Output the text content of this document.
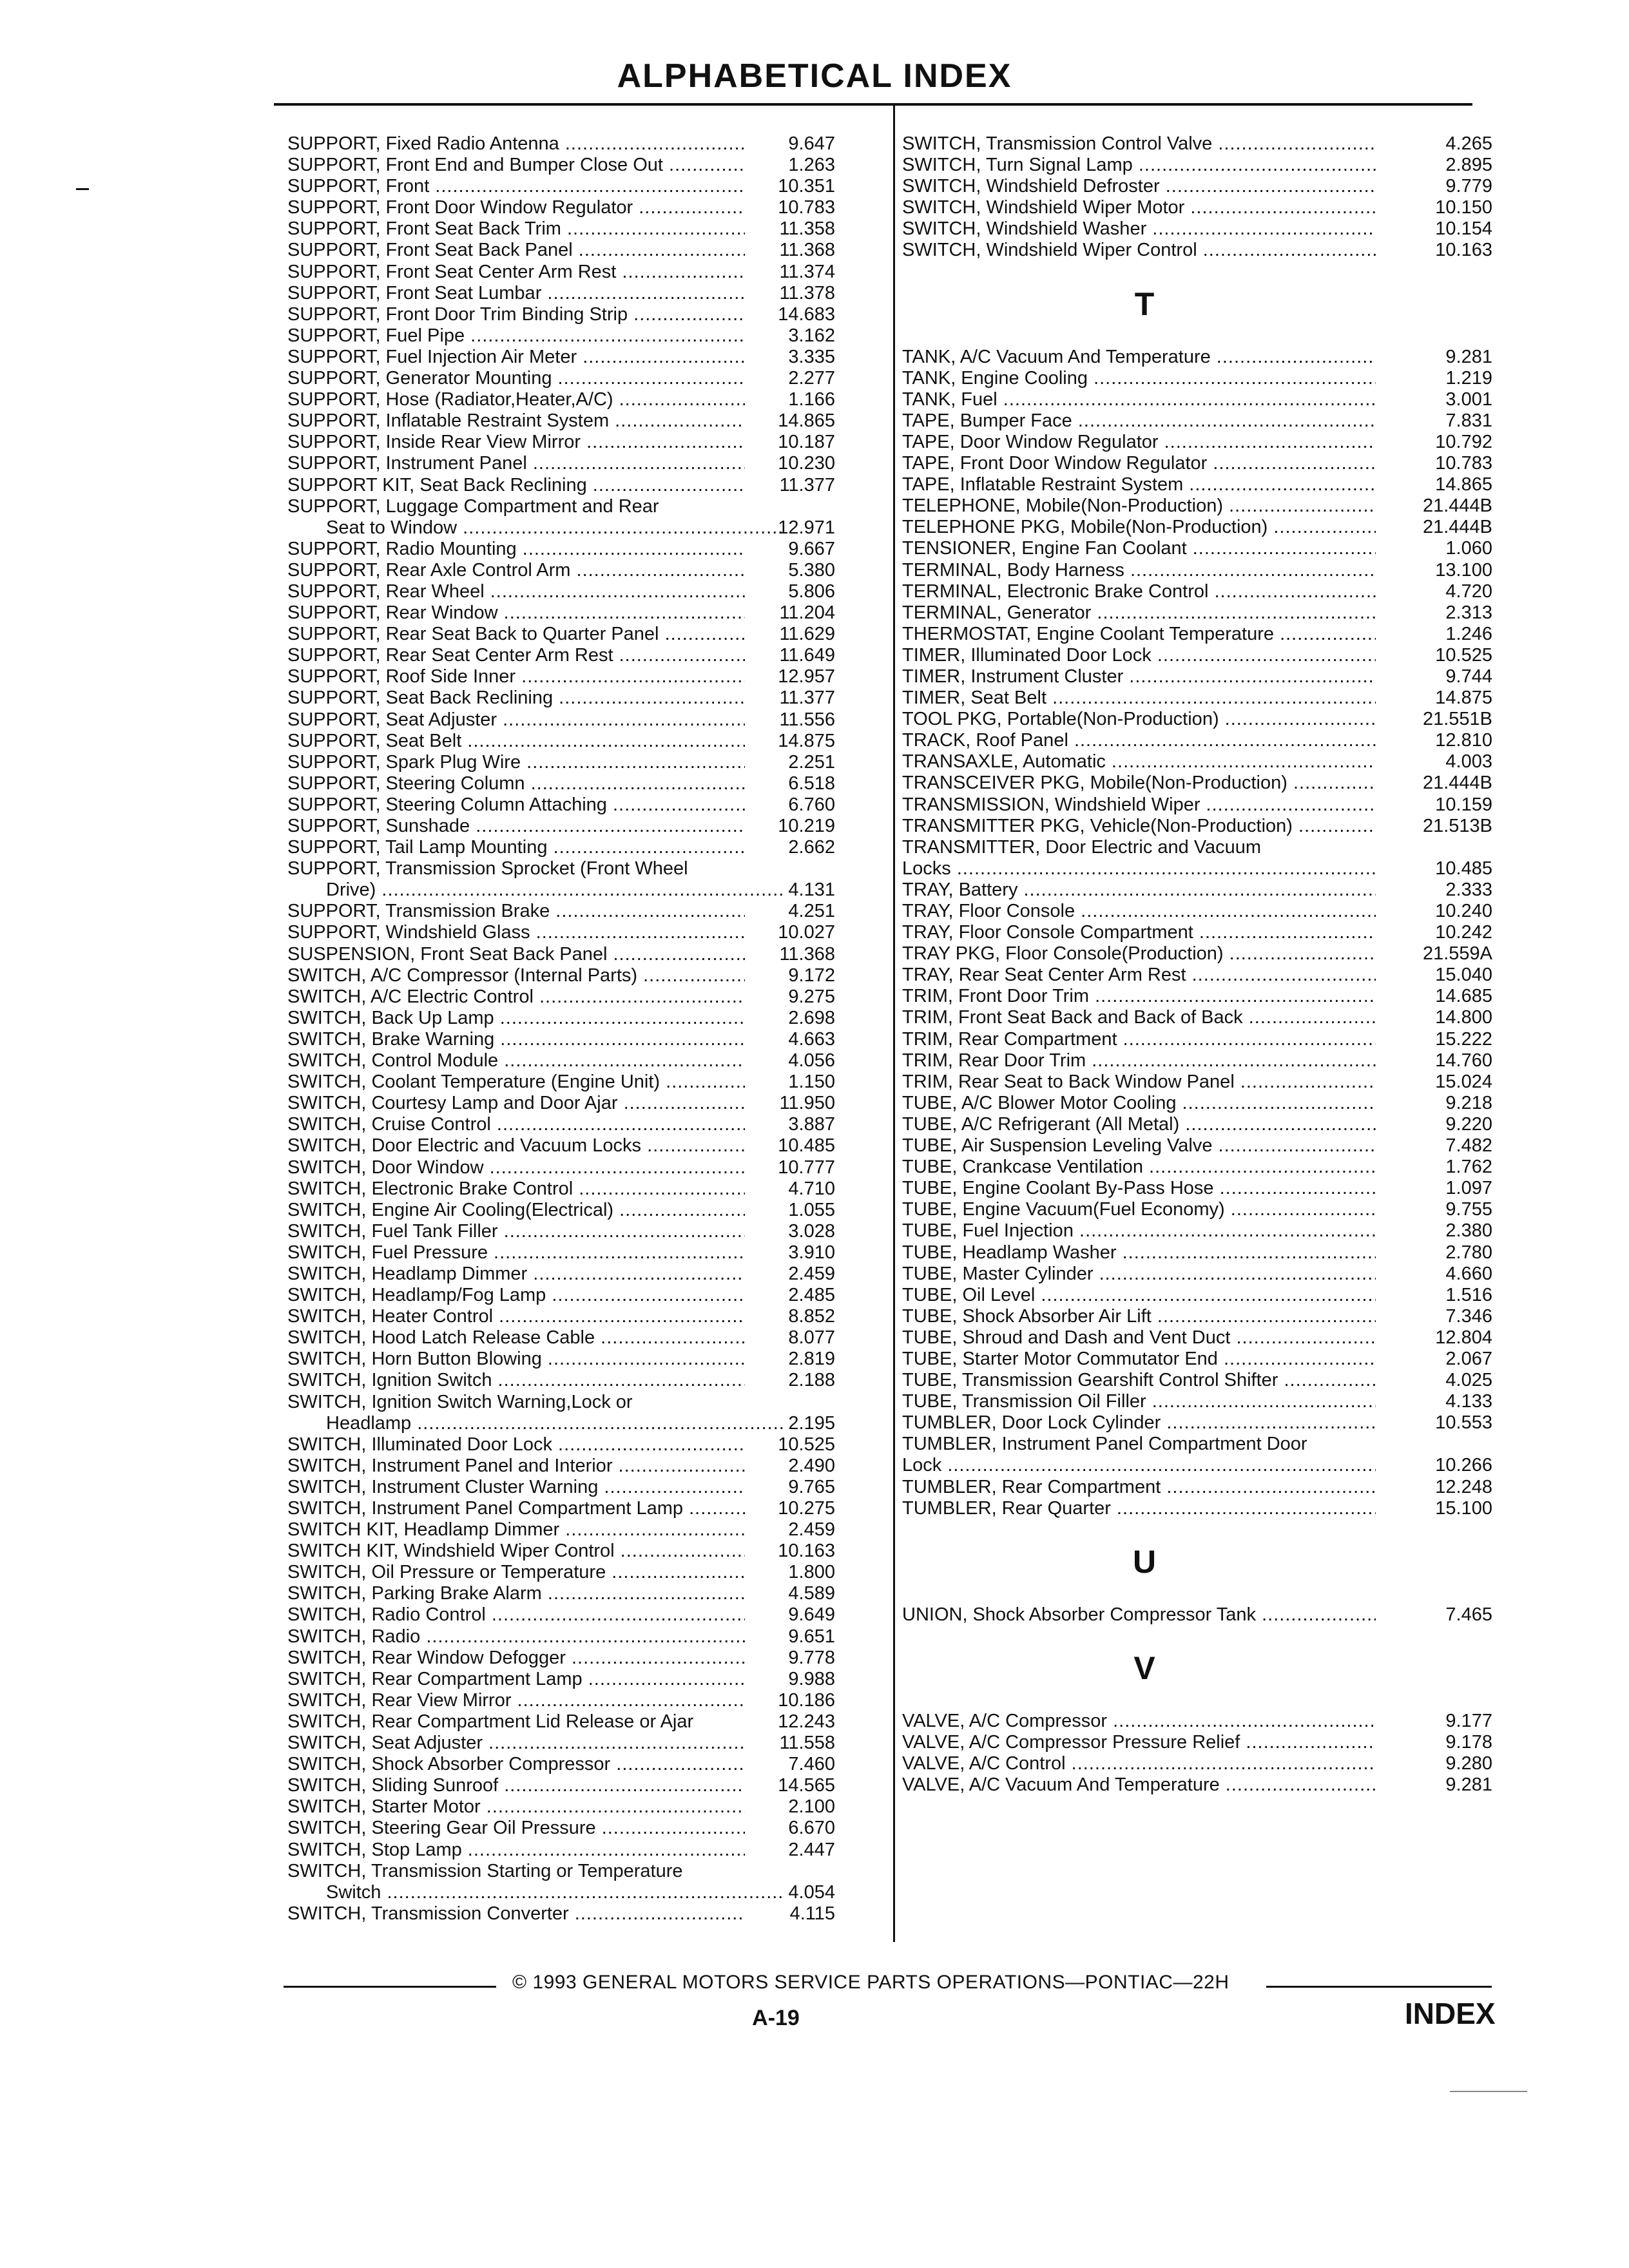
ALPHABETICAL INDEX
SUPPORT, Fixed Radio Antenna .....	9.647
SUPPORT, Front End and Bumper Close Out .....	1.263
SUPPORT, Front .....	10.351
SUPPORT, Front Door Window Regulator .....	10.783
SUPPORT, Front Seat Back Trim .....	11.358
SUPPORT, Front Seat Back Panel .....	11.368
SUPPORT, Front Seat Center Arm Rest .....	11.374
SUPPORT, Front Seat Lumbar .....	11.378
SUPPORT, Front Door Trim Binding Strip .....	14.683
SUPPORT, Fuel Pipe .....	3.162
SUPPORT, Fuel Injection Air Meter .....	3.335
SUPPORT, Generator Mounting .....	2.277
SUPPORT, Hose (Radiator,Heater,A/C) .....	1.166
SUPPORT, Inflatable Restraint System .....	14.865
SUPPORT, Inside Rear View Mirror .....	10.187
SUPPORT, Instrument Panel .....	10.230
SUPPORT KIT, Seat Back Reclining .....	11.377
SUPPORT, Luggage Compartment and Rear
Seat to Window .....	12.971
SUPPORT, Radio Mounting .....	9.667
SUPPORT, Rear Axle Control Arm .....	5.380
SUPPORT, Rear Wheel .....	5.806
SUPPORT, Rear Window .....	11.204
SUPPORT, Rear Seat Back to Quarter Panel .....	11.629
SUPPORT, Rear Seat Center Arm Rest .....	11.649
SUPPORT, Roof Side Inner .....	12.957
SUPPORT, Seat Back Reclining .....	11.377
SUPPORT, Seat Adjuster .....	11.556
SUPPORT, Seat Belt .....	14.875
SUPPORT, Spark Plug Wire .....	2.251
SUPPORT, Steering Column .....	6.518
SUPPORT, Steering Column Attaching .....	6.760
SUPPORT, Sunshade .....	10.219
SUPPORT, Tail Lamp Mounting .....	2.662
SUPPORT, Transmission Sprocket (Front Wheel
Drive) .....	4.131
SUPPORT, Transmission Brake .....	4.251
SUPPORT, Windshield Glass .....	10.027
SUSPENSION, Front Seat Back Panel .....	11.368
SWITCH, A/C Compressor (Internal Parts) .....	9.172
SWITCH, A/C Electric Control .....	9.275
SWITCH, Back Up Lamp .....	2.698
SWITCH, Brake Warning .....	4.663
SWITCH, Control Module .....	4.056
SWITCH, Coolant Temperature (Engine Unit) .....	1.150
SWITCH, Courtesy Lamp and Door Ajar .....	11.950
SWITCH, Cruise Control .....	3.887
SWITCH, Door Electric and Vacuum Locks .....	10.485
SWITCH, Door Window .....	10.777
SWITCH, Electronic Brake Control .....	4.710
SWITCH, Engine Air Cooling(Electrical) .....	1.055
SWITCH, Fuel Tank Filler .....	3.028
SWITCH, Fuel Pressure .....	3.910
SWITCH, Headlamp Dimmer .....	2.459
SWITCH, Headlamp/Fog Lamp .....	2.485
SWITCH, Heater Control .....	8.852
SWITCH, Hood Latch Release Cable .....	8.077
SWITCH, Horn Button Blowing .....	2.819
SWITCH, Ignition Switch .....	2.188
SWITCH, Ignition Switch Warning,Lock or
Headlamp .....	2.195
SWITCH, Illuminated Door Lock .....	10.525
SWITCH, Instrument Panel and Interior .....	2.490
SWITCH, Instrument Cluster Warning .....	9.765
SWITCH, Instrument Panel Compartment Lamp .....	10.275
SWITCH KIT, Headlamp Dimmer .....	2.459
SWITCH KIT, Windshield Wiper Control .....	10.163
SWITCH, Oil Pressure or Temperature .....	1.800
SWITCH, Parking Brake Alarm .....	4.589
SWITCH, Radio Control .....	9.649
SWITCH, Radio .....	9.651
SWITCH, Rear Window Defogger .....	9.778
SWITCH, Rear Compartment Lamp .....	9.988
SWITCH, Rear View Mirror .....	10.186
SWITCH, Rear Compartment Lid Release or Ajar	12.243
SWITCH, Seat Adjuster .....	11.558
SWITCH, Shock Absorber Compressor .....	7.460
SWITCH, Sliding Sunroof .....	14.565
SWITCH, Starter Motor .....	2.100
SWITCH, Steering Gear Oil Pressure .....	6.670
SWITCH, Stop Lamp .....	2.447
SWITCH, Transmission Starting or Temperature
Switch .....	4.054
SWITCH, Transmission Converter .....	4.115
SWITCH, Transmission Control Valve .....	4.265
SWITCH, Turn Signal Lamp .....	2.895
SWITCH, Windshield Defroster .....	9.779
SWITCH, Windshield Wiper Motor .....	10.150
SWITCH, Windshield Washer .....	10.154
SWITCH, Windshield Wiper Control .....	10.163
T
TANK, A/C Vacuum And Temperature .....	9.281
TANK, Engine Cooling .....	1.219
TANK, Fuel .....	3.001
TAPE, Bumper Face .....	7.831
TAPE, Door Window Regulator .....	10.792
TAPE, Front Door Window Regulator .....	10.783
TAPE, Inflatable Restraint System .....	14.865
TELEPHONE, Mobile(Non-Production) .....	21.444B
TELEPHONE PKG, Mobile(Non-Production) .....	21.444B
TENSIONER, Engine Fan Coolant .....	1.060
TERMINAL, Body Harness .....	13.100
TERMINAL, Electronic Brake Control .....	4.720
TERMINAL, Generator .....	2.313
THERMOSTAT, Engine Coolant Temperature .....	1.246
TIMER, Illuminated Door Lock .....	10.525
TIMER, Instrument Cluster .....	9.744
TIMER, Seat Belt .....	14.875
TOOL PKG, Portable(Non-Production) .....	21.551B
TRACK, Roof Panel .....	12.810
TRANSAXLE, Automatic .....	4.003
TRANSCEIVER PKG, Mobile(Non-Production) .....	21.444B
TRANSMISSION, Windshield Wiper .....	10.159
TRANSMITTER PKG, Vehicle(Non-Production) .....	21.513B
TRANSMITTER, Door Electric and Vacuum
Locks .....	10.485
TRAY, Battery .....	2.333
TRAY, Floor Console .....	10.240
TRAY, Floor Console Compartment .....	10.242
TRAY PKG, Floor Console(Production) .....	21.559A
TRAY, Rear Seat Center Arm Rest .....	15.040
TRIM, Front Door Trim .....	14.685
TRIM, Front Seat Back and Back of Back .....	14.800
TRIM, Rear Compartment .....	15.222
TRIM, Rear Door Trim .....	14.760
TRIM, Rear Seat to Back Window Panel .....	15.024
TUBE, A/C Blower Motor Cooling .....	9.218
TUBE, A/C Refrigerant (All Metal) .....	9.220
TUBE, Air Suspension Leveling Valve .....	7.482
TUBE, Crankcase Ventilation .....	1.762
TUBE, Engine Coolant By-Pass Hose .....	1.097
TUBE, Engine Vacuum(Fuel Economy) .....	9.755
TUBE, Fuel Injection .....	2.380
TUBE, Headlamp Washer .....	2.780
TUBE, Master Cylinder .....	4.660
TUBE, Oil Level .....	1.516
TUBE, Shock Absorber Air Lift .....	7.346
TUBE, Shroud and Dash and Vent Duct .....	12.804
TUBE, Starter Motor Commutator End .....	2.067
TUBE, Transmission Gearshift Control Shifter .....	4.025
TUBE, Transmission Oil Filler .....	4.133
TUMBLER, Door Lock Cylinder .....	10.553
TUMBLER, Instrument Panel Compartment Door
Lock .....	10.266
TUMBLER, Rear Compartment .....	12.248
TUMBLER, Rear Quarter .....	15.100
U
UNION, Shock Absorber Compressor Tank .....	7.465
V
VALVE, A/C Compressor .....	9.177
VALVE, A/C Compressor Pressure Relief .....	9.178
VALVE, A/C Control .....	9.280
VALVE, A/C Vacuum And Temperature .....	9.281
© 1993 GENERAL MOTORS SERVICE PARTS OPERATIONS—PONTIAC—22H
A-19	INDEX
